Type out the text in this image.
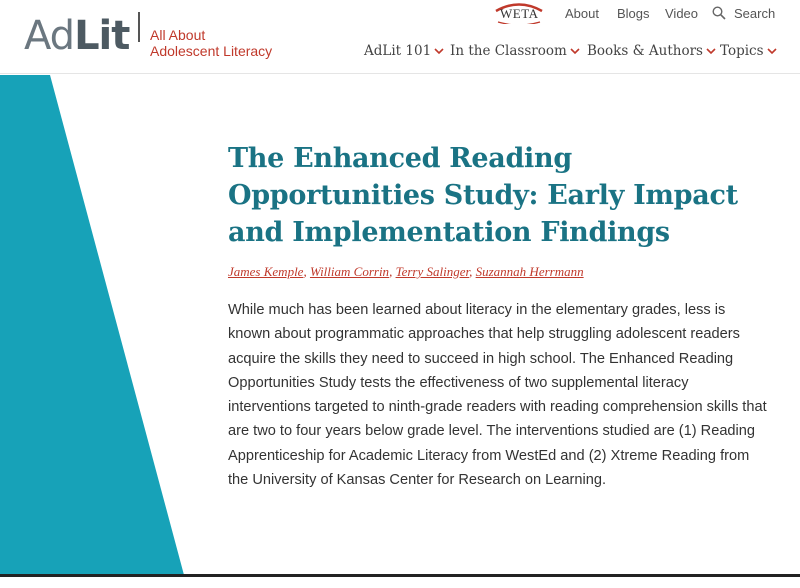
Ad Lit All About
Adolescent Literacy
WETA About Blogs Video	Search
AdLit 101 In the Classroom Books & Authors Topics
The Enhanced Reading Opportunities Study: Early Impact and Implementation Findings
James Kemple, William Corrin, Terry Salinger, Suzannah Herrmann

While much has been learned about literacy in the elementary grades, less is known about programmatic approaches that help struggling adolescent readers acquire the skills they need to succeed in high school. The Enhanced Reading Opportunities Study tests the effectiveness of two supplemental literacy interventions targeted to ninth-grade readers with reading comprehension skills that are two to four years below grade level. The interventions studied are (1) Reading Apprenticeship for Academic Literacy from WestEd and (2) Xtreme Reading from the University of Kansas Center for Research on Learning.
